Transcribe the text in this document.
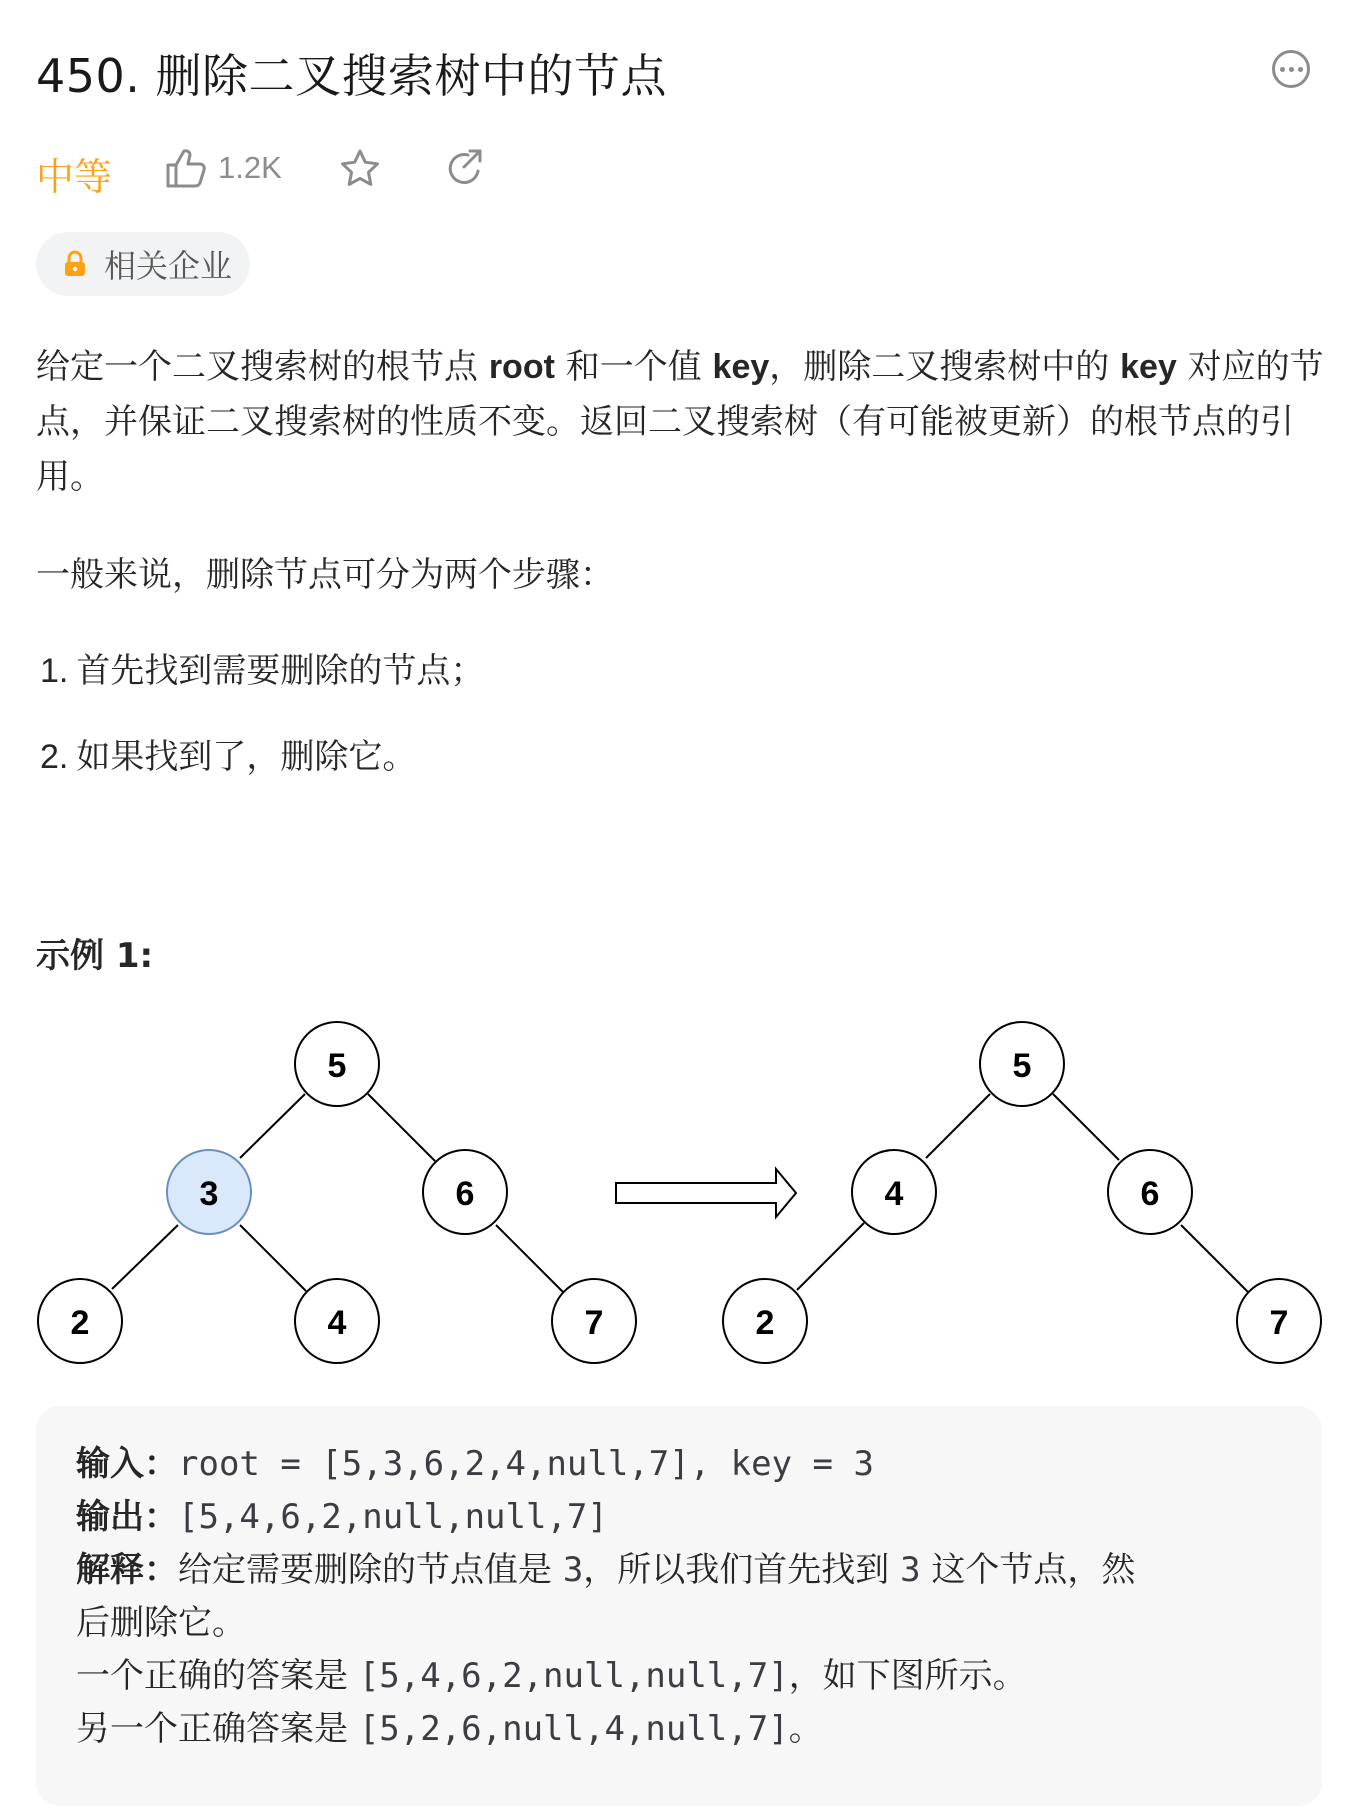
450. 删除二叉搜索树中的节点
中等	1.2K
相关企业
给定一个二叉搜索树的根节点 root 和一个值 key，删除二叉搜索树中的 key 对应的节点，并保证二叉搜索树的性质不变。返回二叉搜索树（有可能被更新）的根节点的引用。
一般来说，删除节点可分为两个步骤：
1. 首先找到需要删除的节点；
2. 如果找到了，删除它。
示例 1:
5
3	6
2	4	7
5
4	6
2	7
输入：root = [5,3,6,2,4,null,7], key = 3
输出：[5,4,6,2,null,null,7]
解释：给定需要删除的节点值是 3，所以我们首先找到 3 这个节点，然
后删除它。
一个正确的答案是 [5,4,6,2,null,null,7]，如下图所示。
另一个正确答案是 [5,2,6,null,4,null,7]。
